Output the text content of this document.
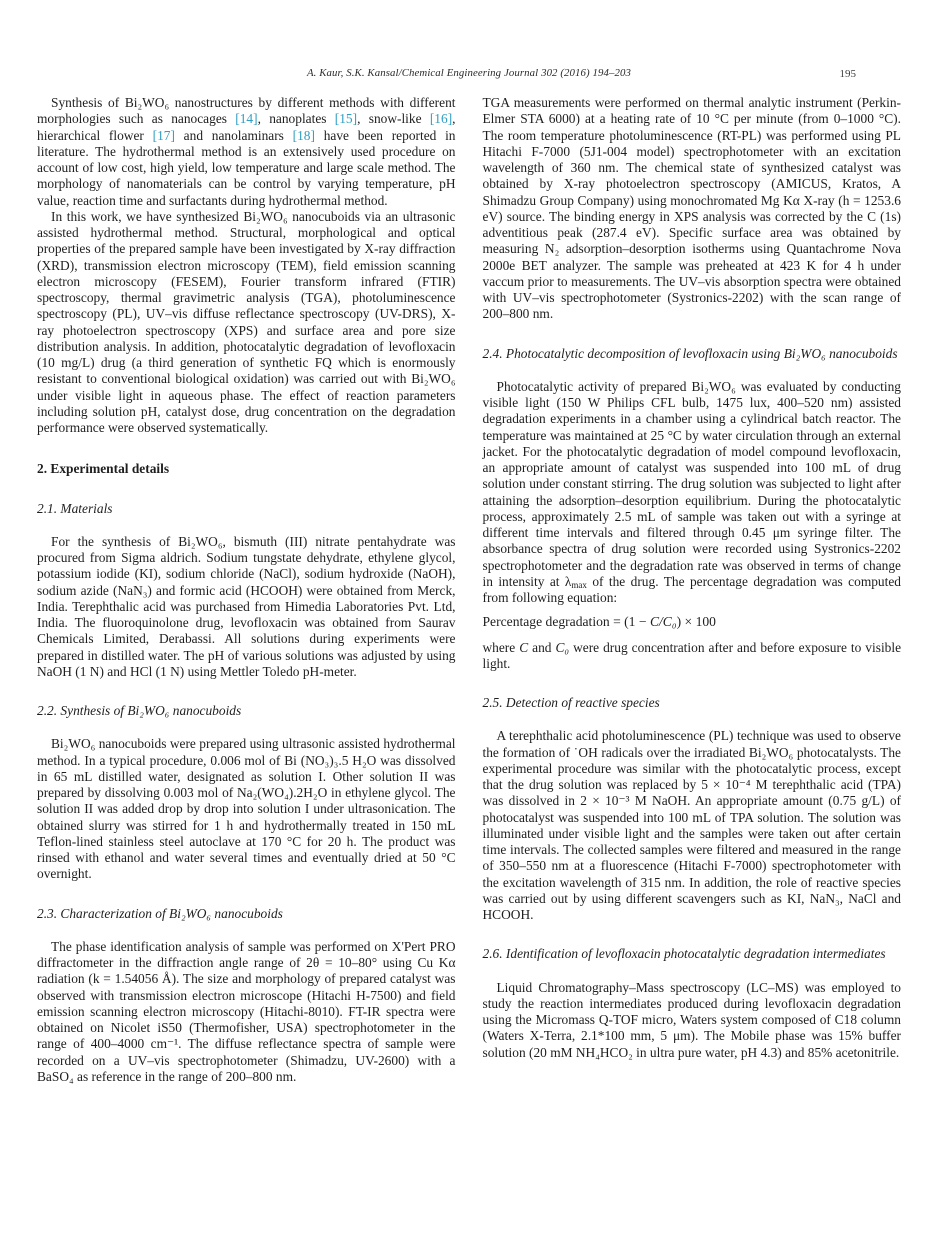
A. Kaur, S.K. Kansal/Chemical Engineering Journal 302 (2016) 194–203	195

Synthesis of Bi₂WO₆ nanostructures by different methods with different morphologies such as nanocages [14], nanoplates [15], snow-like [16], hierarchical flower [17] and nanolaminars [18] have been reported in literature. The hydrothermal method is an extensively used procedure on account of low cost, high yield, low temperature and large scale method. The morphology of nanomaterials can be control by varying temperature, pH value, reaction time and surfactants during hydrothermal method.

In this work, we have synthesized Bi₂WO₆ nanocuboids via an ultrasonic assisted hydrothermal method. Structural, morphological and optical properties of the prepared sample have been investigated by X-ray diffraction (XRD), transmission electron microscopy (TEM), field emission scanning electron microscopy (FESEM), Fourier transform infrared (FTIR) spectroscopy, thermal gravimetric analysis (TGA), photoluminescence spectroscopy (PL), UV–vis diffuse reflectance spectroscopy (UV-DRS), X-ray photoelectron spectroscopy (XPS) and surface area and pore size distribution analysis. In addition, photocatalytic degradation of levofloxacin (10 mg/L) drug (a third generation of synthetic FQ which is enormously resistant to conventional biological oxidation) was carried out with Bi₂WO₆ under visible light in aqueous phase. The effect of reaction parameters including solution pH, catalyst dose, drug concentration on the degradation performance were observed systematically.

2. Experimental details
2.1. Materials

For the synthesis of Bi₂WO₆, bismuth (III) nitrate pentahydrate was procured from Sigma aldrich. Sodium tungstate dehydrate, ethylene glycol, potassium iodide (KI), sodium chloride (NaCl), sodium hydroxide (NaOH), sodium azide (NaN₃) and formic acid (HCOOH) were obtained from Merck, India. Terephthalic acid was purchased from Himedia Laboratories Pvt. Ltd, India. The fluoroquinolone drug, levofloxacin was obtained from Saurav Chemicals Limited, Derabassi. All solutions during experiments were prepared in distilled water. The pH of various solutions was adjusted by using NaOH (1 N) and HCl (1 N) using Mettler Toledo pH-meter.

2.2. Synthesis of Bi₂WO₆ nanocuboids

Bi₂WO₆ nanocuboids were prepared using ultrasonic assisted hydrothermal method. In a typical procedure, 0.006 mol of Bi (NO₃)₃.5 H₂O was dissolved in 65 mL distilled water, designated as solution I. Other solution II was prepared by dissolving 0.003 mol of Na₂(WO₄).2H₂O in ethylene glycol. The solution II was added drop by drop into solution I under ultrasonication. The obtained slurry was stirred for 1 h and hydrothermally treated in 150 mL Teflon-lined stainless steel autoclave at 170 °C for 20 h. The product was rinsed with ethanol and water several times and eventually dried at 50 °C overnight.

2.3. Characterization of Bi₂WO₆ nanocuboids

The phase identification analysis of sample was performed on X'Pert PRO diffractometer in the diffraction angle range of 2θ = 10–80° using Cu Kα radiation (k = 1.54056 Å). The size and morphology of prepared catalyst was observed with transmission electron microscope (Hitachi H-7500) and field emission scanning electron microscopy (Hitachi-8010). FT-IR spectra were obtained on Nicolet iS50 (Thermofisher, USA) spectrophotometer in the range of 400–4000 cm⁻¹. The diffuse reflectance spectra of sample were recorded on a UV–vis spectrophotometer (Shimadzu, UV-2600) with a BaSO₄ as reference in the range of 200–800 nm.

TGA measurements were performed on thermal analytic instrument (Perkin-Elmer STA 6000) at a heating rate of 10 °C per minute (from 0–1000 °C). The room temperature photoluminescence (RT-PL) was performed using PL Hitachi F-7000 (5J1-004 model) spectrophotometer with an excitation wavelength of 360 nm. The chemical state of synthesized catalyst was obtained by X-ray photoelectron spectroscopy (AMICUS, Kratos, A Shimadzu Group Company) using monochromated Mg Kα X-ray (h = 1253.6 eV) source. The binding energy in XPS analysis was corrected by the C (1s) adventitious peak (287.4 eV). Specific surface area was obtained by measuring N₂ adsorption–desorption isotherms using Quantachrome Nova 2000e BET analyzer. The sample was preheated at 423 K for 4 h under vaccum prior to measurements. The UV–vis absorption spectra were obtained with UV–vis spectrophotometer (Systronics-2202) with the scan range of 200–800 nm.

2.4. Photocatalytic decomposition of levofloxacin using Bi₂WO₆ nanocuboids

Photocatalytic activity of prepared Bi₂WO₆ was evaluated by conducting visible light (150 W Philips CFL bulb, 1475 lux, 400–520 nm) assisted degradation experiments in a chamber using a cylindrical batch reactor. The temperature was maintained at 25 °C by water circulation through an external jacket. For the photocatalytic degradation of model compound levofloxacin, an appropriate amount of catalyst was suspended into 100 mL of drug solution under constant stirring. The drug solution was subjected to light after attaining the adsorption–desorption equilibrium. During the photocatalytic process, approximately 2.5 mL of sample was taken out with a syringe at different time intervals and filtered through 0.45 μm syringe filter. The absorbance spectra of drug solution were recorded using Systronics-2202 spectrophotometer and the degradation rate was observed in terms of change in intensity at $\lambda_{max}$ of the drug. The percentage degradation was computed from following equation:

Percentage degradation = (1 − C/C₀) × 100

where C and C₀ were drug concentration after and before exposure to visible light.

2.5. Detection of reactive species

A terephthalic acid photoluminescence (PL) technique was used to observe the formation of ˙OH radicals over the irradiated Bi₂WO₆ photocatalysts. The experimental procedure was similar with the photocatalytic process, except that the drug solution was replaced by 5 × 10⁻⁴ M terephthalic acid (TPA) was dissolved in 2 × 10⁻³ M NaOH. An appropriate amount (0.75 g/L) of photocatalyst was suspended into 100 mL of TPA solution. The solution was illuminated under visible light and the samples were taken out after certain time intervals. The collected samples were filtered and measured in the range of 350–550 nm at a fluorescence (Hitachi F-7000) spectrophotometer with the excitation wavelength of 315 nm. In addition, the role of reactive species was carried out by using different scavengers such as KI, NaN₃, NaCl and HCOOH.

2.6. Identification of levofloxacin photocatalytic degradation intermediates

Liquid Chromatography–Mass spectroscopy (LC–MS) was employed to study the reaction intermediates produced during levofloxacin degradation using the Micromass Q-TOF micro, Waters system composed of C18 column (Waters X-Terra, 2.1*100 mm, 5 μm). The Mobile phase was 15% buffer solution (20 mM NH₄HCO₂ in ultra pure water, pH 4.3) and 85% acetonitrile.
